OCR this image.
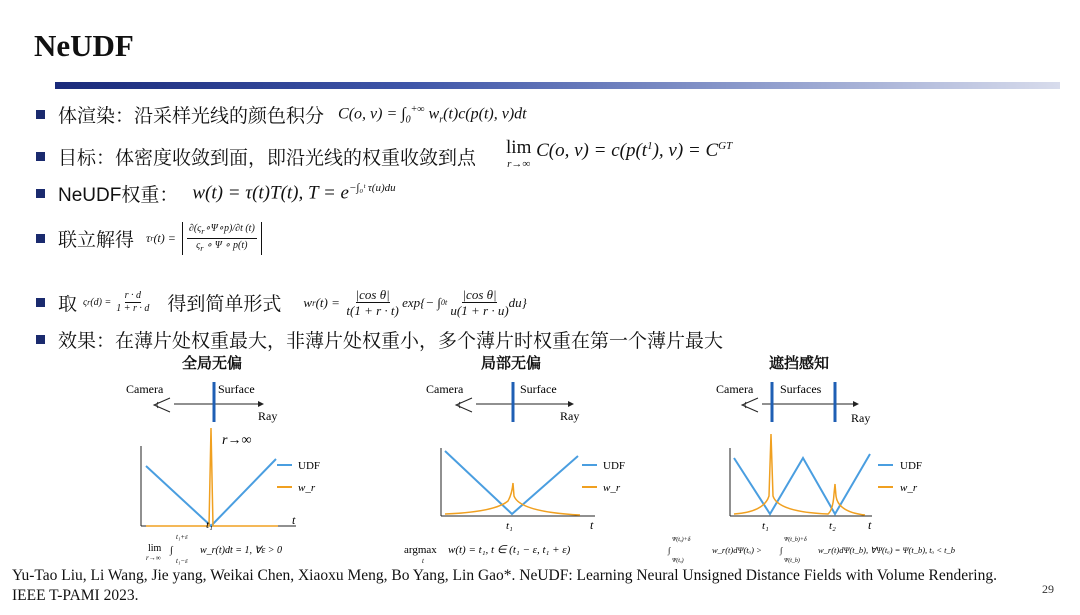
NeUDF
体渲染：沿采样光线的颜色积分 C(o, $v) = \int_0^{+\infty}$ $w_r(t)c(p(t)$, v)dt
目标：体密度收敛到面，即沿光线的权重收敛到点 lim
r→∞
C(o, $v) = c(p(t^1$ ), v) = C GT
NeUDF权重： w(t) = τ(t)T(t), $T = e^{-\int_0ᵗ \tau(u)du}$
联立解得 τ r (t) =
$\partial(\varsigma_r\circ\Psi\circ p)/\partial t$ (t)
$\varsigma_r$ ∘ Ψ ∘ p(t)
取 ς r (d) =
r · d
1 + r · d 得到简单形式 w r (t) = |cos θ|
t(1 + r · t)
exp{− ∫ 0 t

|cos θ|
u(1 + r · u)
du}
效果：在薄片处权重最大，非薄片处权重小，多个薄片时权重在第一个薄片最大
全局无偏	局部无偏	遮挡感知
Camera
Ray
Surface
r→∞
t
t₁
UDF
w_r
lim
r→∞
∫
t₁+ε
t₁−ε
w_r(t)dt = 1, ∀ε > 0
Camera
Ray
Surface
t
t₁
UDF
w_r
argmax
t
w(t) = t₁, t ∈ (t₁ − ε, t₁ + ε)
Camera
Ray
Surfaces
t
t₁	t₂
UDF
w_r
∫
Ψ(tₐ)+δ
Ψ(tₐ)
w_r(t)dΨ(tₐ) > ∫
Ψ(t_b)+δ
Ψ(t_b)
w_r(t)dΨ(t_b), ∀Ψ(tₐ) = Ψ(t_b), tₐ < t_b
Yu-Tao Liu, Li Wang, Jie yang, Weikai Chen, Xiaoxu Meng, Bo Yang, Lin Gao*. NeUDF: Learning Neural Unsigned Distance Fields with Volume Rendering. IEEE T-PAMI 2023.	29
